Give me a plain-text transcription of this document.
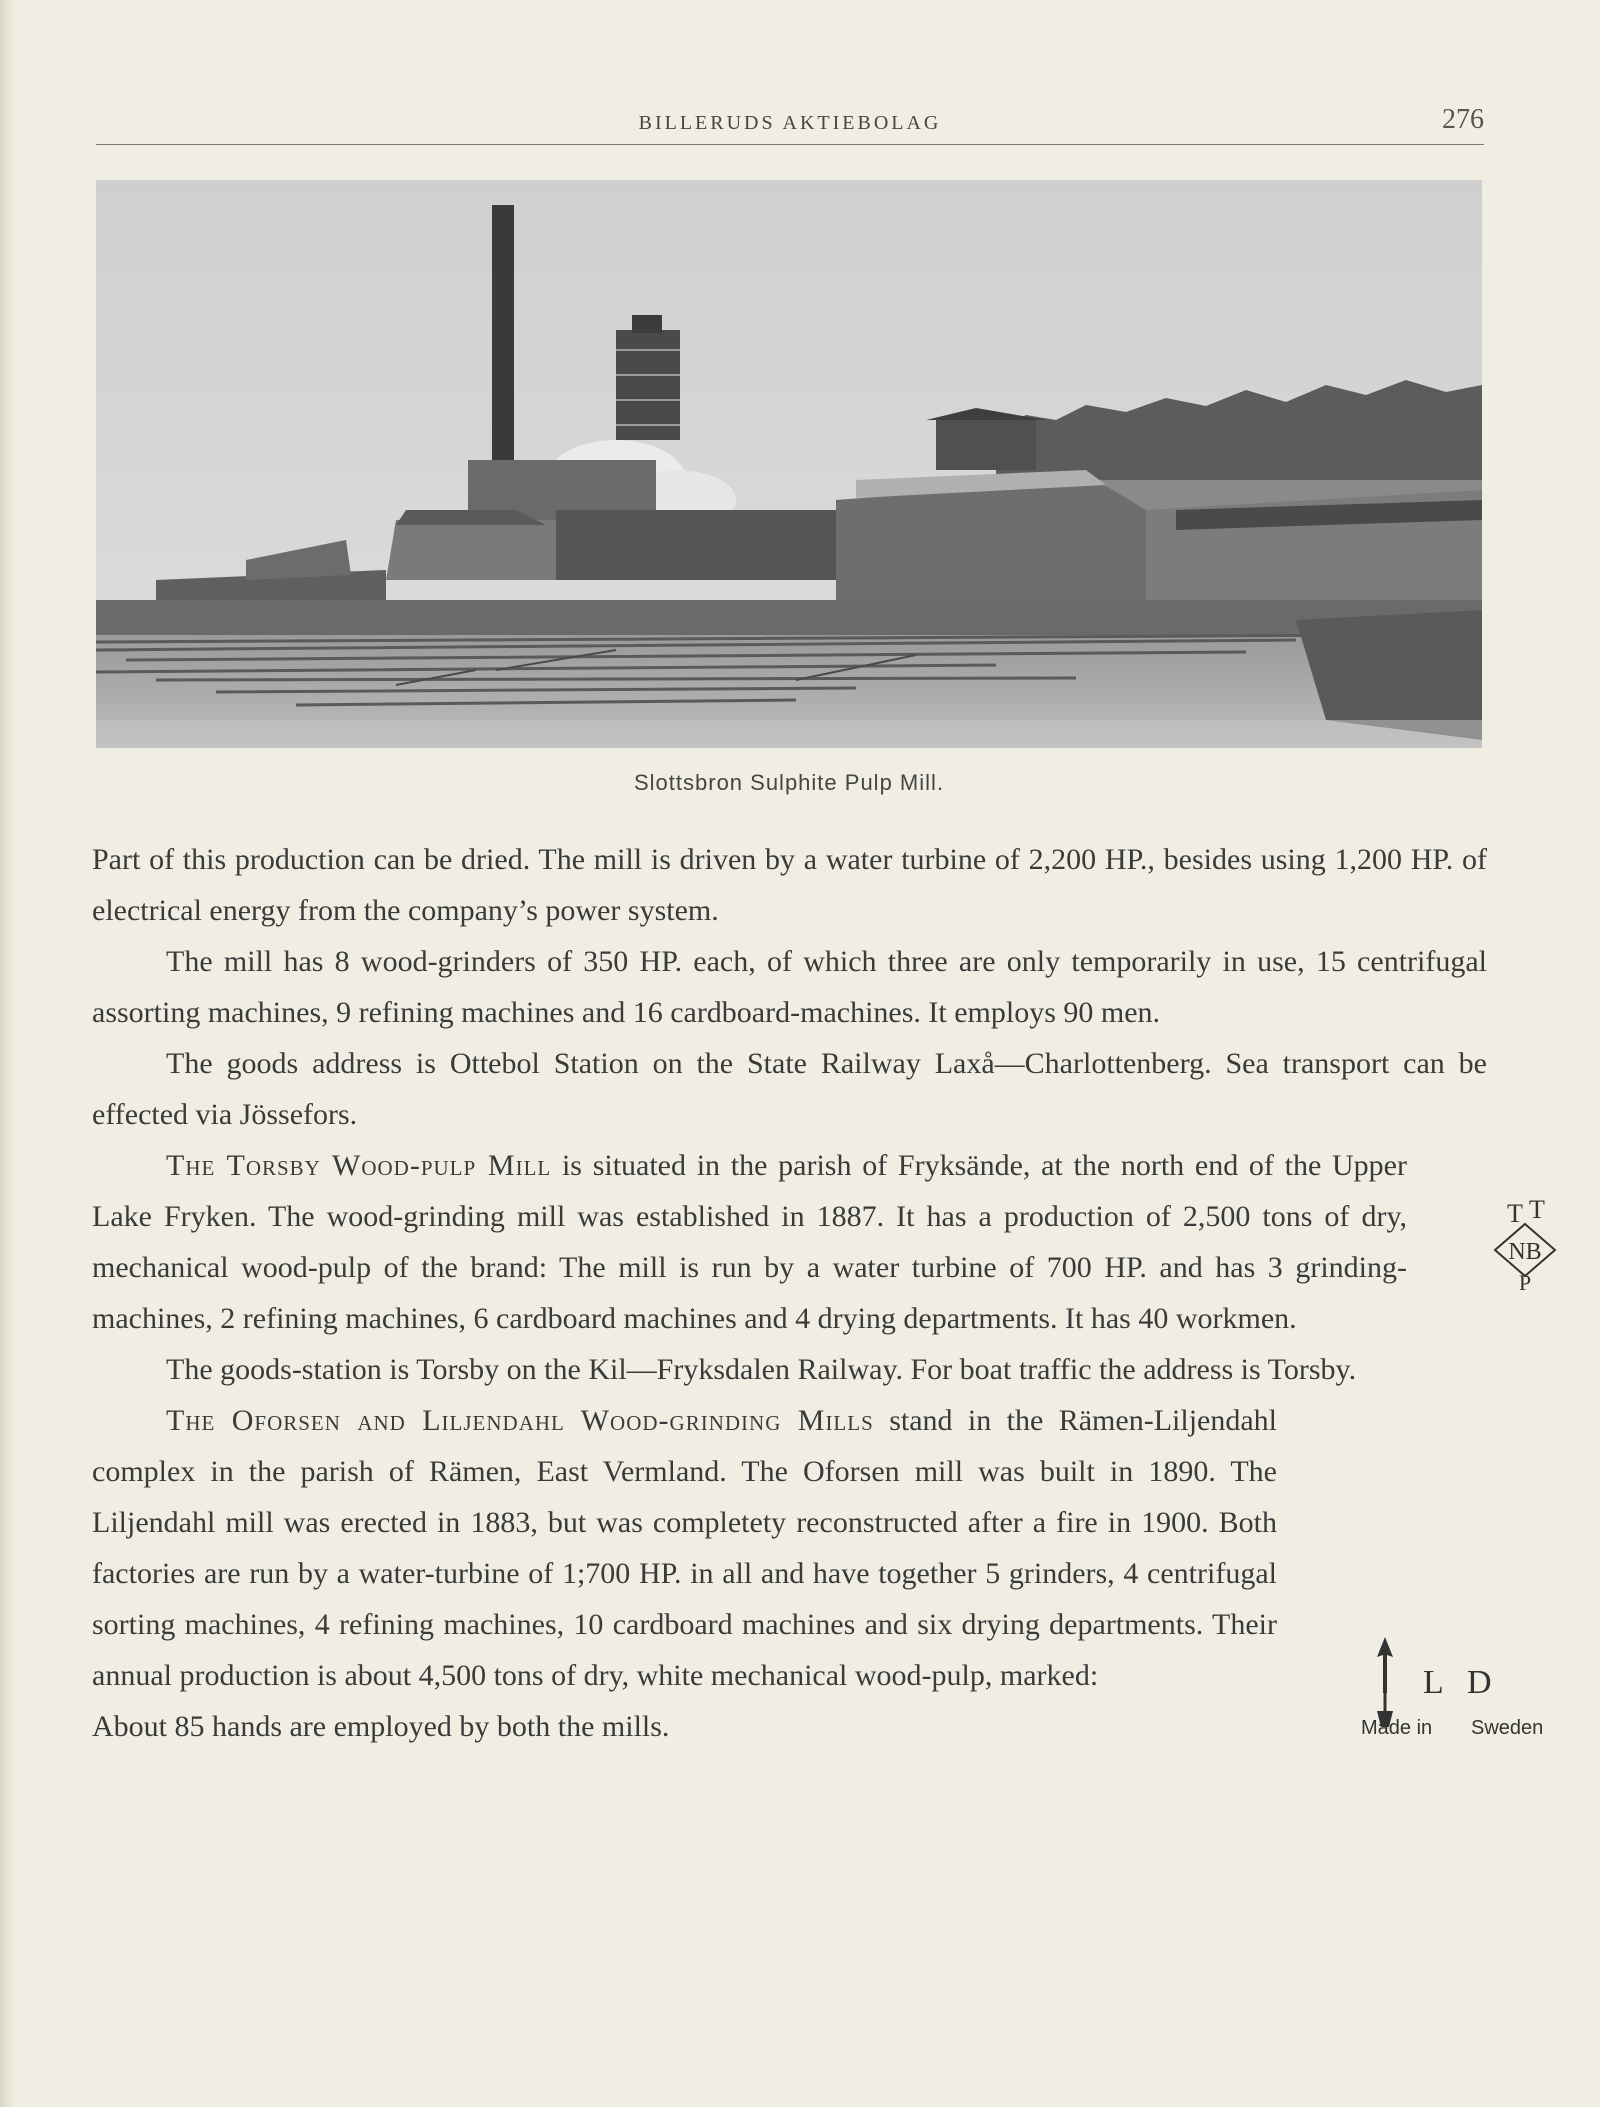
BILLERUDS AKTIEBOLAG	276
Slottsbron Sulphite Pulp Mill.

Part of this production can be dried. The mill is driven by a water turbine of 2,200 HP., besides using 1,200 HP. of electrical energy from the company’s power system.

The mill has 8 wood-grinders of 350 HP. each, of which three are only temporarily in use, 15 centrifugal assorting machines, 9 refining machines and 16 cardboard-machines. It employs 90 men.

The goods address is Ottebol Station on the State Railway Laxå—Charlottenberg. Sea transport can be effected via Jössefors.

T T
NB
P
The Torsby Wood-pulp Mill is situated in the parish of Fryksände, at the north end of the Upper Lake Fryken. The wood-grinding mill was established in 1887. It has a production of 2,500 tons of dry, mechanical wood-pulp of the brand: The mill is run by a water turbine of 700 HP. and has 3 grinding-machines, 2 refining machines, 6 cardboard machines and 4 drying departments. It has 40 workmen.

The goods-station is Torsby on the Kil—Fryksdalen Railway. For boat traffic the address is Torsby.

L D
Made in	Sweden
The Oforsen and Liljendahl Wood-grinding Mills stand in the Rämen-Liljendahl complex in the parish of Rämen, East Vermland. The Oforsen mill was built in 1890. The Liljendahl mill was erected in 1883, but was completety reconstructed after a fire in 1900. Both factories are run by a water-turbine of 1;700 HP. in all and have together 5 grinders, 4 centrifugal sorting machines, 4 refining machines, 10 cardboard machines and six drying departments. Their annual production is about 4,500 tons of dry, white mechanical wood-pulp, marked:

About 85 hands are employed by both the mills.
